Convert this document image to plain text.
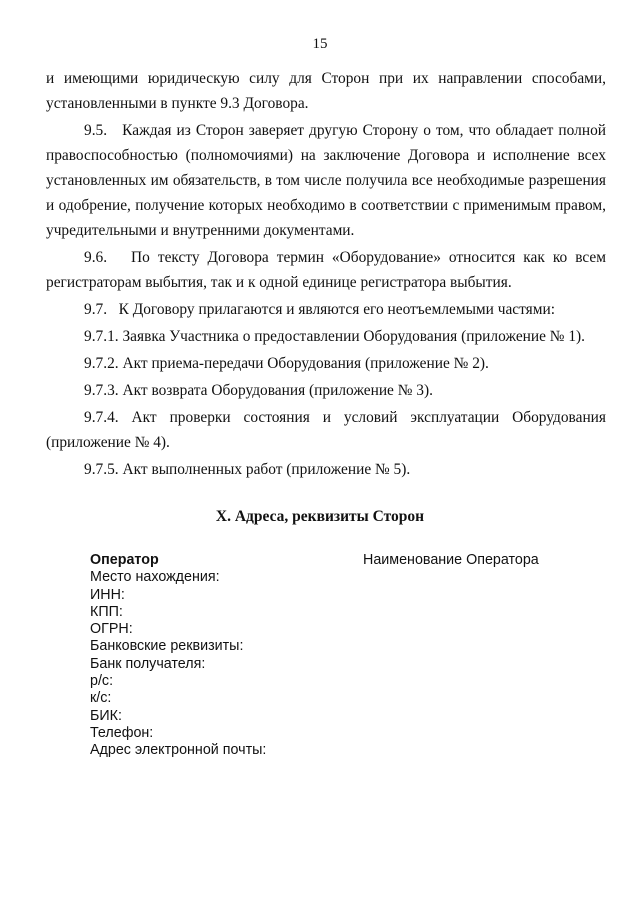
15

и имеющими юридическую силу для Сторон при их направлении способами, установленными в пункте 9.3 Договора.

9.5.   Каждая из Сторон заверяет другую Сторону о том, что обладает полной правоспособностью (полномочиями) на заключение Договора и исполнение всех установленных им обязательств, в том числе получила все необходимые разрешения и одобрение, получение которых необходимо в соответствии с применимым правом, учредительными и внутренними документами.

9.6.   По тексту Договора термин «Оборудование» относится как ко всем регистраторам выбытия, так и к одной единице регистратора выбытия.

9.7.   К Договору прилагаются и являются его неотъемлемыми частями:

9.7.1. Заявка Участника о предоставлении Оборудования (приложение № 1).

9.7.2. Акт приема-передачи Оборудования (приложение № 2).

9.7.3. Акт возврата Оборудования (приложение № 3).

9.7.4. Акт проверки состояния и условий эксплуатации Оборудования (приложение № 4).

9.7.5. Акт выполненных работ (приложение № 5).

X. Адреса, реквизиты Сторон
Оператор
Место нахождения:
ИНН:
КПП:
ОГРН:
Банковские реквизиты:
Банк получателя:
р/с:
к/с:
БИК:
Телефон:
Адрес электронной почты:
Наименование Оператора
